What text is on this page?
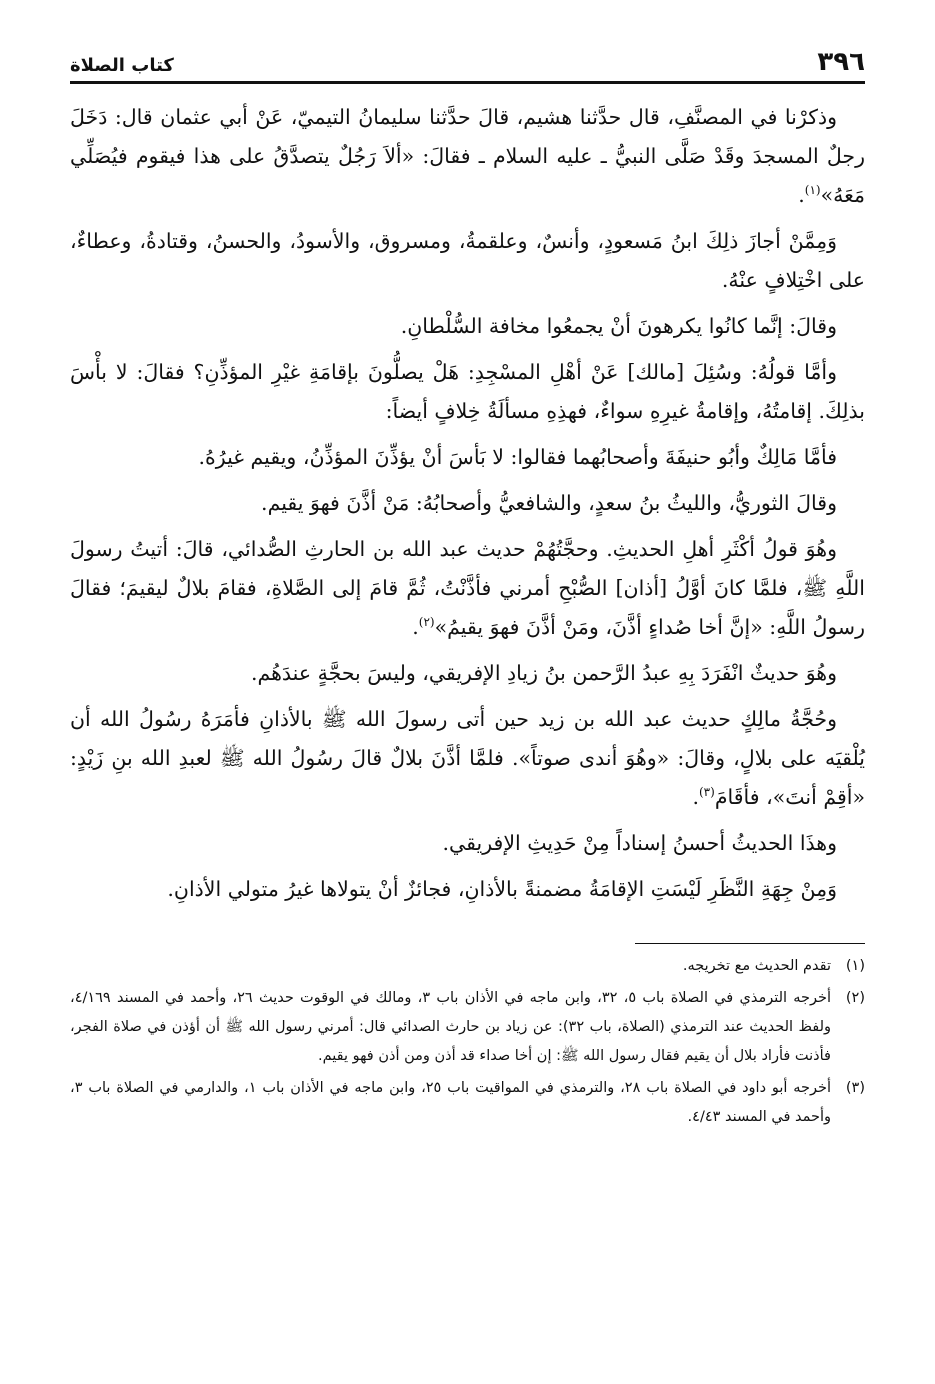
٣٩٦
كتاب الصلاة

وذكرْنا في المصنَّفِ، قال حدَّثنا هشيم، قالَ حدَّثنا سليمانُ التيميّ، عَنْ أبي عثمان قال: دَخَلَ رجلٌ المسجدَ وقَدْ صَلَّى النبيُّ ـ عليه السلام ـ فقالَ: «ألاَ رَجُلٌ يتصدَّقُ على هذا فيقوم فيُصَلِّي مَعَهُ»$^{(١)}$.

وَمِمَّنْ أجازَ ذلِكَ ابنُ مَسعودٍ، وأنسٌ، وعلقمةُ، ومسروق، والأسودُ، والحسنُ، وقتادةُ، وعطاءٌ، على اخْتِلافٍ عنْهُ.

وقالَ: إنَّما كانُوا يكرهونَ أنْ يجمعُوا مخافة السُّلْطانِ.

وأمَّا قولُهُ: وسُئِلَ [مالك] عَنْ أهْلِ المسْجِدِ: هَلْ يصلُّونَ بإقامَةِ غيْرِ المؤذِّنِ؟ فقالَ: لا بأْسَ بذلِكَ. إقامتُهُ، وإقامةُ غيرِهِ سواءٌ، فهذِهِ مسألَةُ خِلافٍ أيضاً:

فأمَّا مَالِكٌ وأبُو حنيفَةَ وأصحابُهما فقالوا: لا بَأسَ أنْ يؤذِّنَ المؤذِّنُ، ويقيم غيرُهُ.

وقالَ الثوريُّ، والليثُ بنُ سعدٍ، والشافعيُّ وأصحابُهُ: مَنْ أذَّنَ فهوَ يقيم.

وهُوَ قولُ أكْثَرِ أهلِ الحديثِ. وحجَّتُهُمْ حديث عبد الله بن الحارثِ الصُّدائي، قالَ: أتيتُ رسولَ اللَّهِ ﷺ، فلمَّا كانَ أوَّلُ [أذان] الصُّبْحِ أمرني فأذَّنْتُ، ثُمَّ قامَ إلى الصَّلاةِ، فقامَ بلالٌ ليقيمَ؛ فقالَ رسولُ اللَّهِ: «إنَّ أخا صُداءٍ أذَّنَ، ومَنْ أذَّنَ فهوَ يقيمُ»$^{(٢)}$.

وهُوَ حديثٌ انْفَرَدَ بِهِ عبدُ الرَّحمن بنُ زيادِ الإفريقي، وليسَ بحجَّةٍ عندَهُم.

وحُجَّةُ مالِكٍ حديث عبد الله بن زيد حين أتى رسولَ الله ﷺ بالأذانِ فأمَرَهُ رسُولُ الله أن يُلْقيَه على بلالٍ، وقالَ: «وهُوَ أندى صوتاً». فلمَّا أذَّنَ بلالٌ قالَ رسُولُ الله ﷺ لعبدِ الله بنِ زَيْدٍ: «أقِمْ أنتَ»، فأقَامَ$^{(٣)}$.

وهذَا الحديثُ أحسنُ إسناداً مِنْ حَدِيثِ الإفريقي.

وَمِنْ جِهَةِ النَّظَرِ لَيْسَتِ الإقامَةُ مضمنةً بالأذانِ، فجائزٌ أنْ يتولاها غيرُ متولي الأذانِ.

(١)تقدم الحديث مع تخريجه.

(٢)أخرجه الترمذي في الصلاة باب ٥، ٣٢، وابن ماجه في الأذان باب ٣، ومالك في الوقوت حديث ٢٦، وأحمد في المسند ٤/١٦٩، ولفظ الحديث عند الترمذي (الصلاة، باب ٣٢): عن زياد بن حارث الصدائي قال: أمرني رسول الله ﷺ أن أؤذن في صلاة الفجر، فأذنت فأراد بلال أن يقيم فقال رسول الله ﷺ: إن أخا صداء قد أذن ومن أذن فهو يقيم.

(٣)أخرجه أبو داود في الصلاة باب ٢٨، والترمذي في المواقيت باب ٢٥، وابن ماجه في الأذان باب ١، والدارمي في الصلاة باب ٣، وأحمد في المسند ٤/٤٣.
